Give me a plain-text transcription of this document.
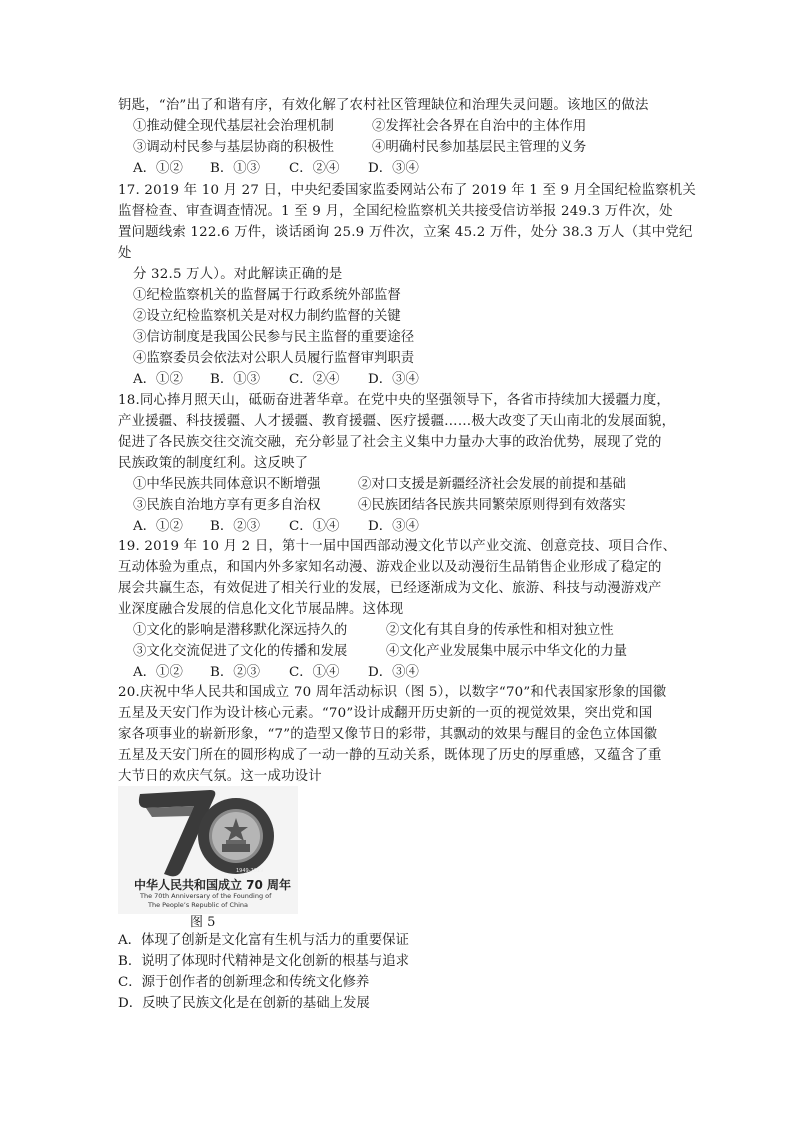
钥匙，“治”出了和谐有序，有效化解了农村社区管理缺位和治理失灵问题。该地区的做法
①推动健全现代基层社会治理机制	②发挥社会各界在自治中的主体作用
③调动村民参与基层协商的积极性	④明确村民参加基层民主管理的义务
A．①② B．①③ C．②④ D．③④
17. 2019 年 10 月 27 日，中央纪委国家监委网站公布了 2019 年 1 至 9 月全国纪检监察机关
监督检查、审查调查情况。1 至 9 月，全国纪检监察机关共接受信访举报 249.3 万件次，处
置问题线索 122.6 万件，谈话函询 25.9 万件次，立案 45.2 万件，处分 38.3 万人（其中党纪
处
分 32.5 万人）。对此解读正确的是
①纪检监察机关的监督属于行政系统外部监督
②设立纪检监察机关是对权力制约监督的关键
③信访制度是我国公民参与民主监督的重要途径
④监察委员会依法对公职人员履行监督审判职责
A．①② B．①③ C．②④ D．③④
18.同心捧月照天山，砥砺奋进著华章。在党中央的坚强领导下，各省市持续加大援疆力度，
产业援疆、科技援疆、人才援疆、教育援疆、医疗援疆……极大改变了天山南北的发展面貌，
促进了各民族交往交流交融，充分彰显了社会主义集中力量办大事的政治优势，展现了党的
民族政策的制度红利。这反映了
①中华民族共同体意识不断增强	②对口支援是新疆经济社会发展的前提和基础
③民族自治地方享有更多自治权	④民族团结各民族共同繁荣原则得到有效落实
A．①② B．②③ C．①④ D．③④
19. 2019 年 10 月 2 日，第十一届中国西部动漫文化节以产业交流、创意竞技、项目合作、
互动体验为重点，和国内外多家知名动漫、游戏企业以及动漫衍生品销售企业形成了稳定的
展会共赢生态，有效促进了相关行业的发展，已经逐渐成为文化、旅游、科技与动漫游戏产
业深度融合发展的信息化文化节展品牌。这体现
①文化的影响是潜移默化深远持久的	②文化有其自身的传承性和相对独立性
③文化交流促进了文化的传播和发展	④文化产业发展集中展示中华文化的力量
A．①② B．②③ C．①④ D．③④
20.庆祝中华人民共和国成立 70 周年活动标识（图 5），以数字“70”和代表国家形象的国徽
五星及天安门作为设计核心元素。“70”设计成翻开历史新的一页的视觉效果，突出党和国
家各项事业的崭新形象，“7”的造型又像节日的彩带，其飘动的效果与醒目的金色立体国徽
五星及天安门所在的圆形构成了一动一静的互动关系，既体现了历史的厚重感，又蕴含了重
大节日的欢庆气氛。这一成功设计
1949-2019
中华人民共和国成立 70 周年
The 70th Anniversary of the Founding of
The People’s Republic of China
图 5
A．体现了创新是文化富有生机与活力的重要保证
B．说明了体现时代精神是文化创新的根基与追求
C．源于创作者的创新理念和传统文化修养
D．反映了民族文化是在创新的基础上发展
